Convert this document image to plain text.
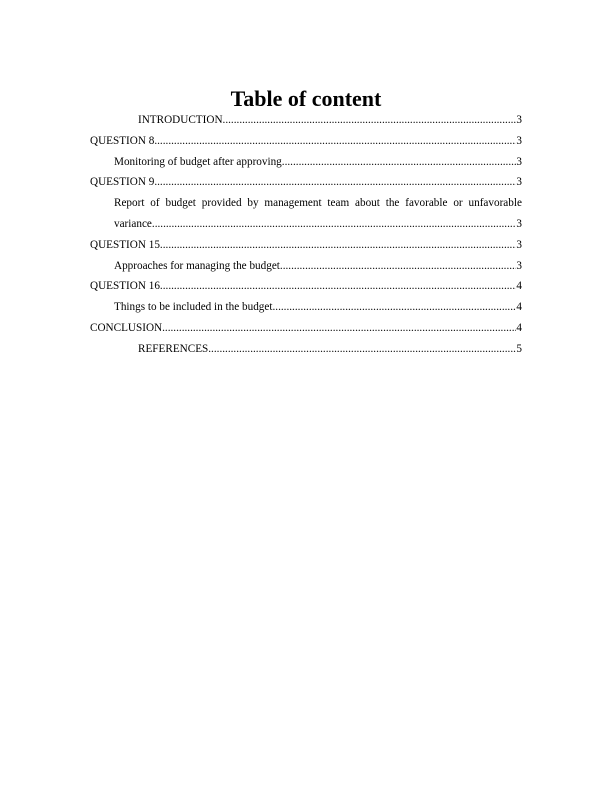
Table of content
INTRODUCTION .....	3
QUESTION 8 .....	3
Monitoring of budget after approving .....	3
QUESTION 9 .....	3
Report of budget provided by management team about the favorable or unfavorable
variance .....	3
QUESTION 15 .....	3
Approaches for managing the budget .....	3
QUESTION 16 .....	4
Things to be included in the budget .....	4
CONCLUSION .....	4
REFERENCES .....	5
